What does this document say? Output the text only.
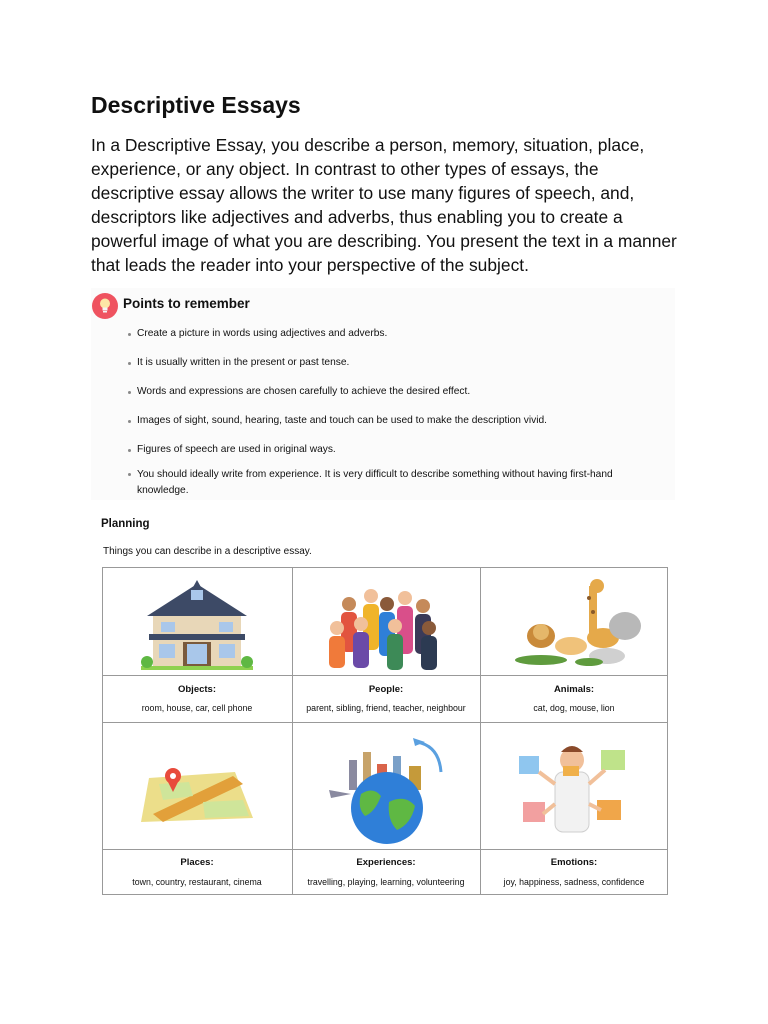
Descriptive Essays

In a Descriptive Essay, you describe a person, memory, situation, place, experience, or any object. In contrast to other types of essays, the descriptive essay allows the writer to use many figures of speech, and, descriptors like adjectives and adverbs, thus enabling you to create a powerful image of what you are describing. You present the text in a manner that leads the reader into your perspective of the subject.

Points to remember
Create a picture in words using adjectives and adverbs.
It is usually written in the present or past tense.
Words and expressions are chosen carefully to achieve the desired effect.
Images of sight, sound, hearing, taste and touch can be used to make the description vivid.
Figures of speech are used in original ways.
You should ideally write from experience. It is very difficult to describe something without having first-hand knowledge.
Planning
Things you can describe in a descriptive essay.
Objects:
room, house, car, cell phone
People:
parent, sibling, friend, teacher, neighbour
Animals:
cat, dog, mouse, lion
Places:
town, country, restaurant, cinema
Experiences:
travelling, playing, learning, volunteering
Emotions:
joy, happiness, sadness, confidence
